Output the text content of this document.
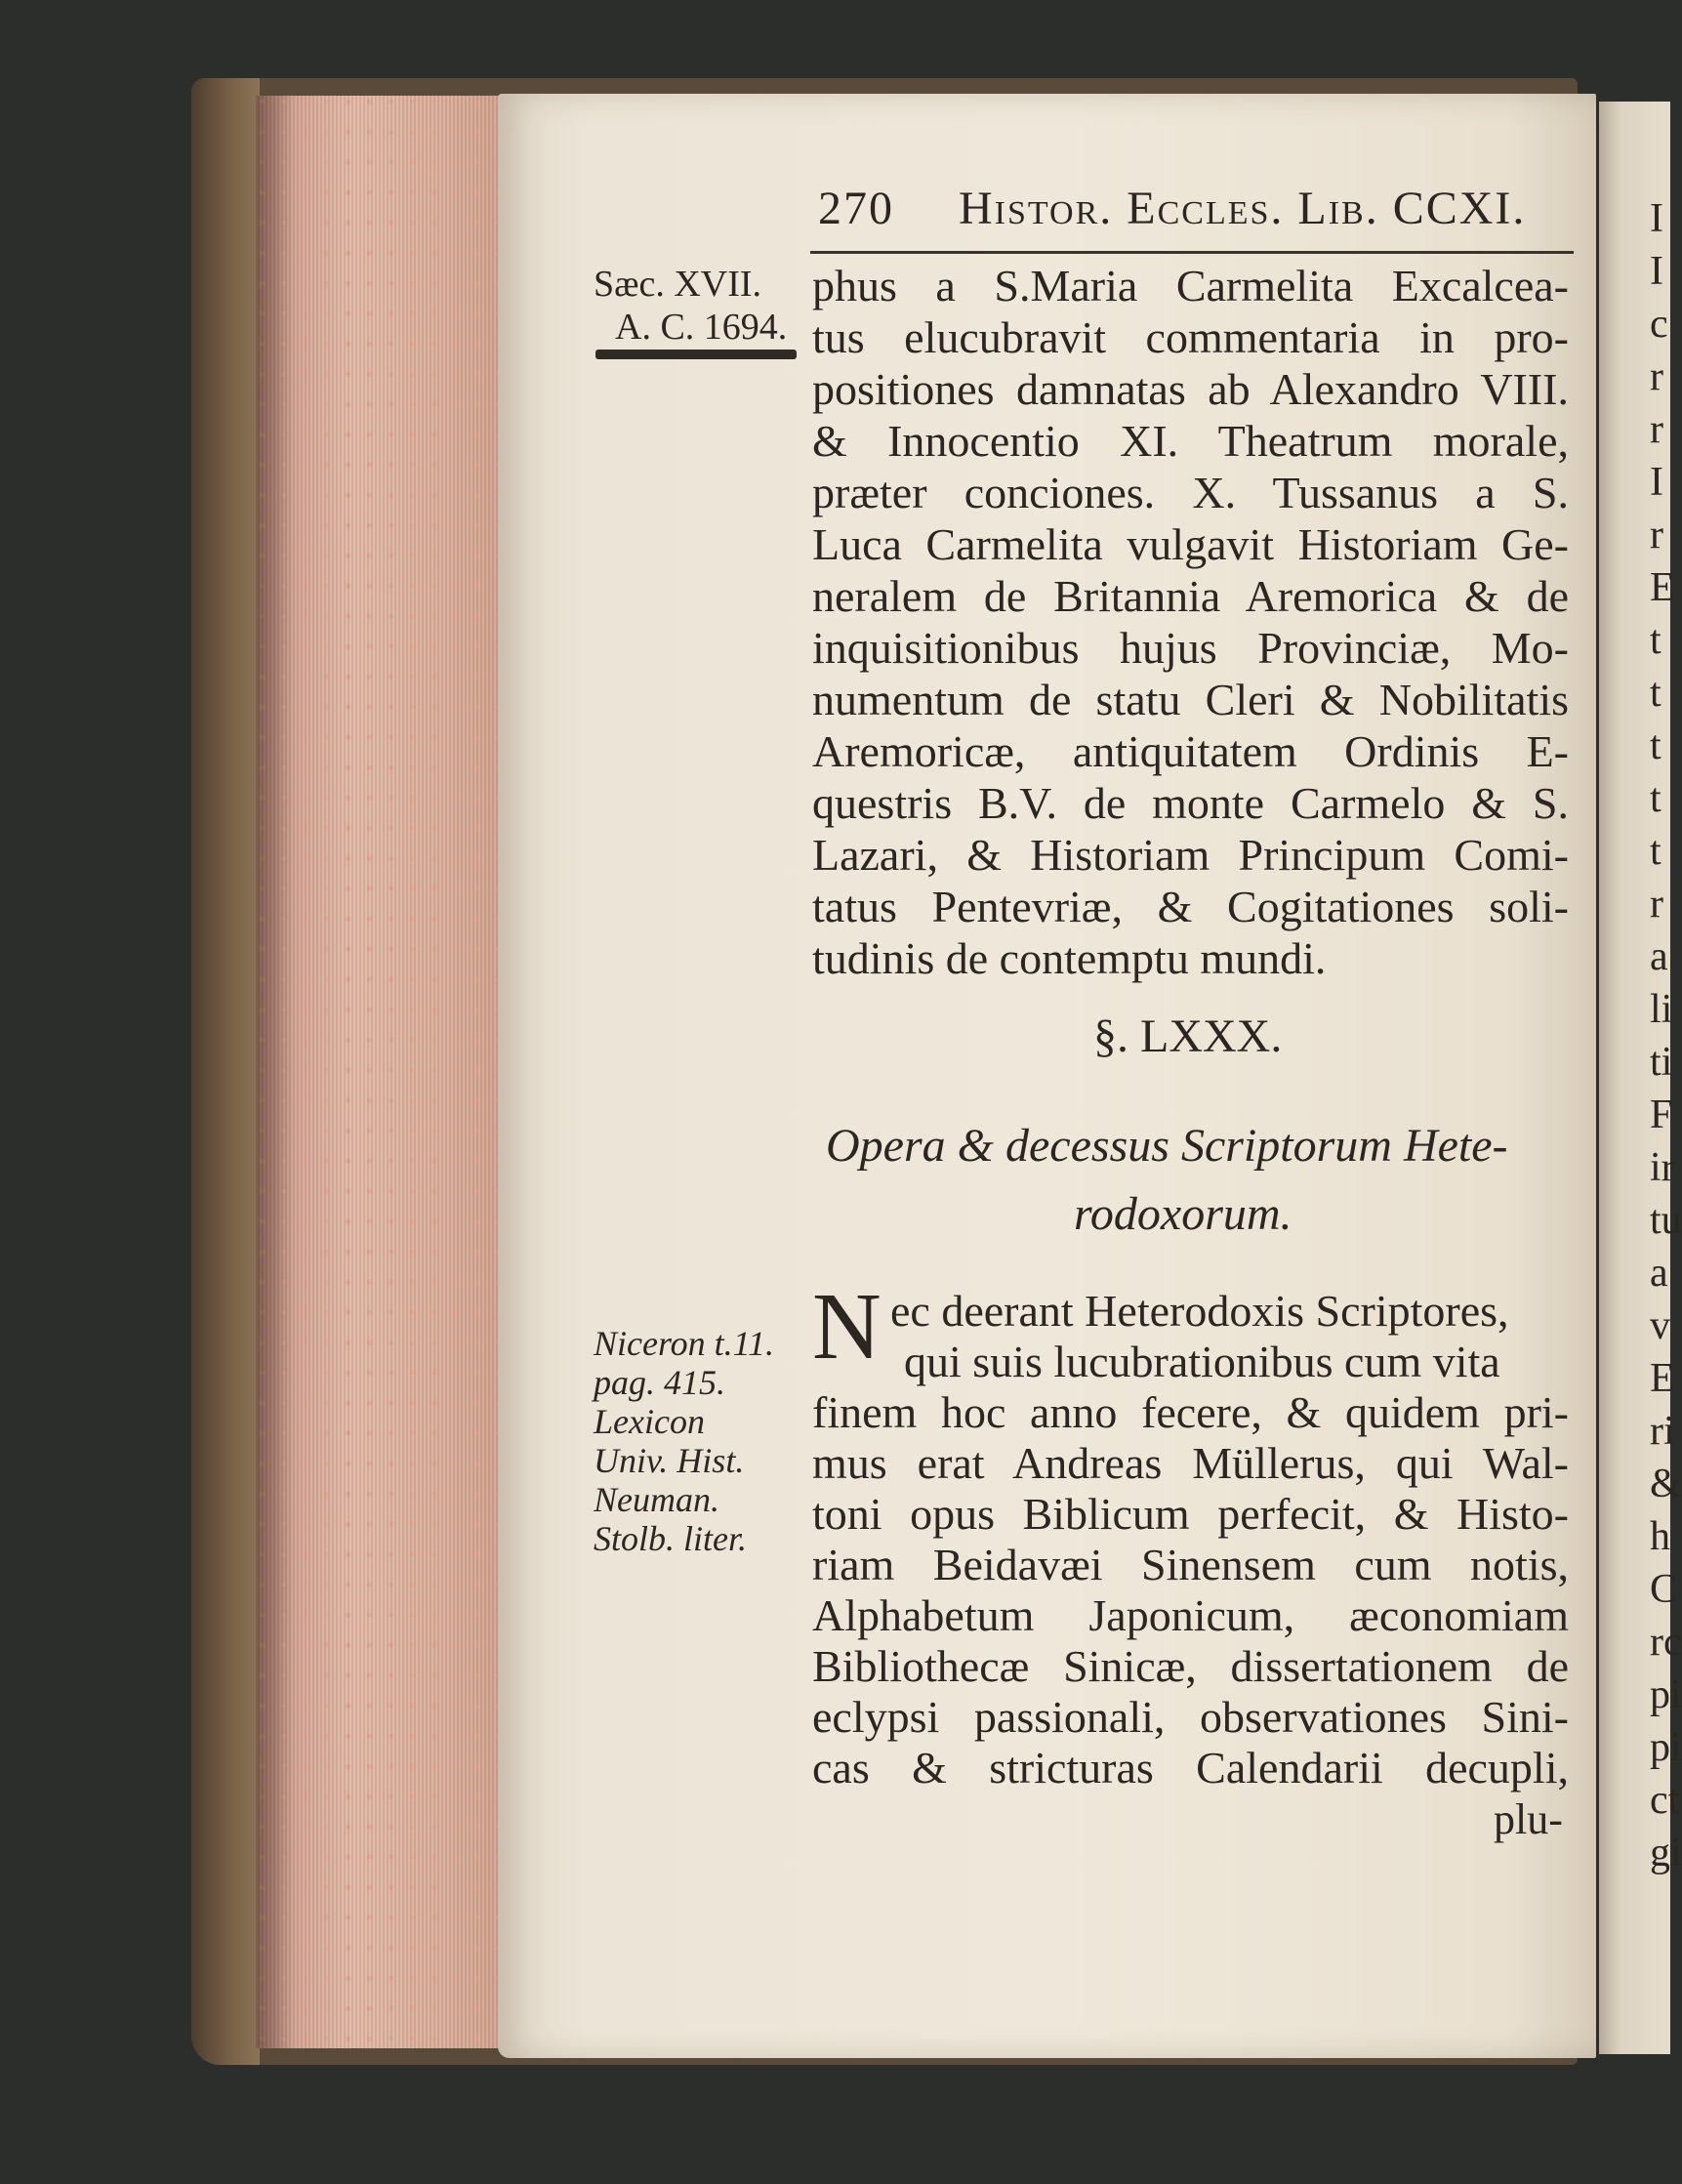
270 Histor. Eccles. Lib. CCXI.
Sæc. XVII.
A. C. 1694.
phus a S.Maria Carmelita Excalcea-
tus elucubravit commentaria in pro-
positiones damnatas ab Alexandro VIII.
& Innocentio XI. Theatrum morale,
præter conciones. X. Tussanus a S.
Luca Carmelita vulgavit Historiam Ge-
neralem de Britannia Aremorica & de
inquisitionibus hujus Provinciæ, Mo-
numentum de statu Cleri & Nobilitatis
Aremoricæ, antiquitatem Ordinis E-
questris B.V. de monte Carmelo & S.
Lazari, & Historiam Principum Comi-
tatus Pentevriæ, & Cogitationes soli-
tudinis de contemptu mundi.
§. LXXX.
Opera & decessus Scriptorum Hete-
rodoxorum.
Niceron t.11.
pag. 415.
Lexicon
Univ. Hist.
Neuman.
Stolb. liter.
N ec deerant Heterodoxis Scriptores,
qui suis lucubrationibus cum vita
finem hoc anno fecere, & quidem pri-
mus erat Andreas Müllerus, qui Wal-
toni opus Biblicum perfecit, & Histo-
riam Beidavæi Sinensem cum notis,
Alphabetum Japonicum, æconomiam
Bibliothecæ Sinicæ, dissertationem de
eclypsi passionali, observationes Sini-
cas & stricturas Calendarii decupli,
plu-
I
I
c
r
r
I
r
E
t
t
t
t
t
r
a
li
ti
F
ir
tu
a
v
E
ri
&
h
C
rc
pi
pi
ct
gi
